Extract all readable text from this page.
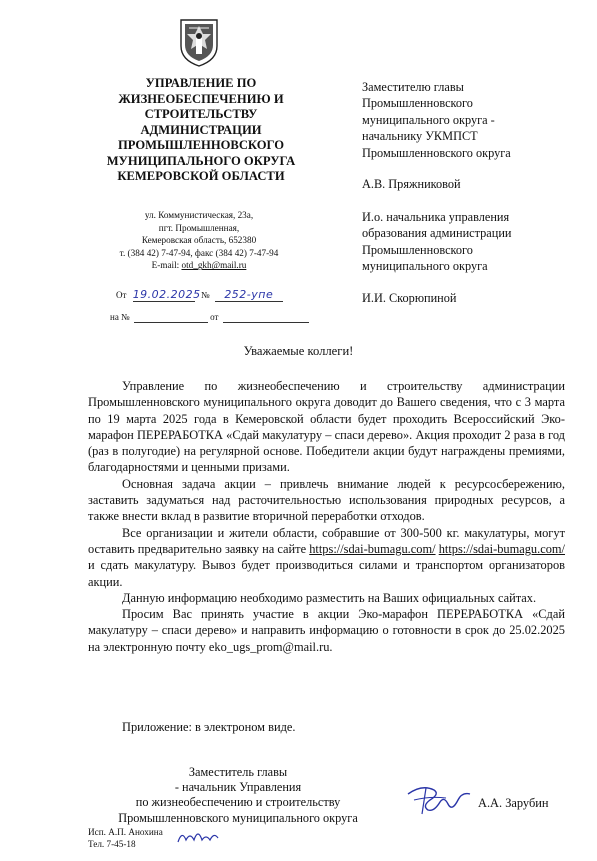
УПРАВЛЕНИЕ ПО
ЖИЗНЕОБЕСПЕЧЕНИЮ И
СТРОИТЕЛЬСТВУ
АДМИНИСТРАЦИИ
ПРОМЫШЛЕННОВСКОГО
МУНИЦИПАЛЬНОГО ОКРУГА
КЕМЕРОВСКОЙ ОБЛАСТИ
ул. Коммунистическая, 23а,
пгт. Промышленная,
Кемеровская область, 652380
т. (384 42) 7-47-94, факс (384 42) 7-47-94
E-mail: otd_gkh@mail.ru
От 19.02.2025 № 252-упе
на №	от
Заместителю главы
Промышленновского
муниципального округа -
начальнику УКМПСТ
Промышленновского округа
А.В. Пряжниковой
И.о. начальника управления
образования администрации
Промышленновского
муниципального округа
И.И. Скорюпиной
Уважаемые коллеги!

Управление по жизнеобеспечению и строительству администрации Промышленновского муниципального округа доводит до Вашего сведения, что с 3 марта по 19 марта 2025 года в Кемеровской области будет проходить Всероссийский Эко-марафон ПЕРЕРАБОТКА «Сдай макулатуру – спаси дерево». Акция проходит 2 раза в год (раз в полугодие) на регулярной основе. Победители акции будут награждены премиями, благодарностями и ценными призами.

Основная задача акции – привлечь внимание людей к ресурсосбережению, заставить задуматься над расточительностью использования природных ресурсов, а также внести вклад в развитие вторичной переработки отходов.

Все организации и жители области, собравшие от 300-500 кг. макулатуры, могут оставить предварительно заявку на сайте https://sdai-bumagu.com/ https://sdai-bumagu.com/ и сдать макулатуру. Вывоз будет производиться силами и транспортом организаторов акции.

Данную информацию необходимо разместить на Ваших официальных сайтах.

Просим Вас принять участие в акции Эко-марафон ПЕРЕРАБОТКА «Сдай макулатуру – спаси дерево» и направить информацию о готовности в срок до 25.02.2025 на электронную почту eko_ugs_prom@mail.ru.

Приложение: в электроном виде.
Заместитель главы
- начальник Управления
по жизнеобеспечению и строительству
Промышленновского муниципального округа
А.А. Зарубин
Исп. А.П. Анохина
Тел. 7-45-18
